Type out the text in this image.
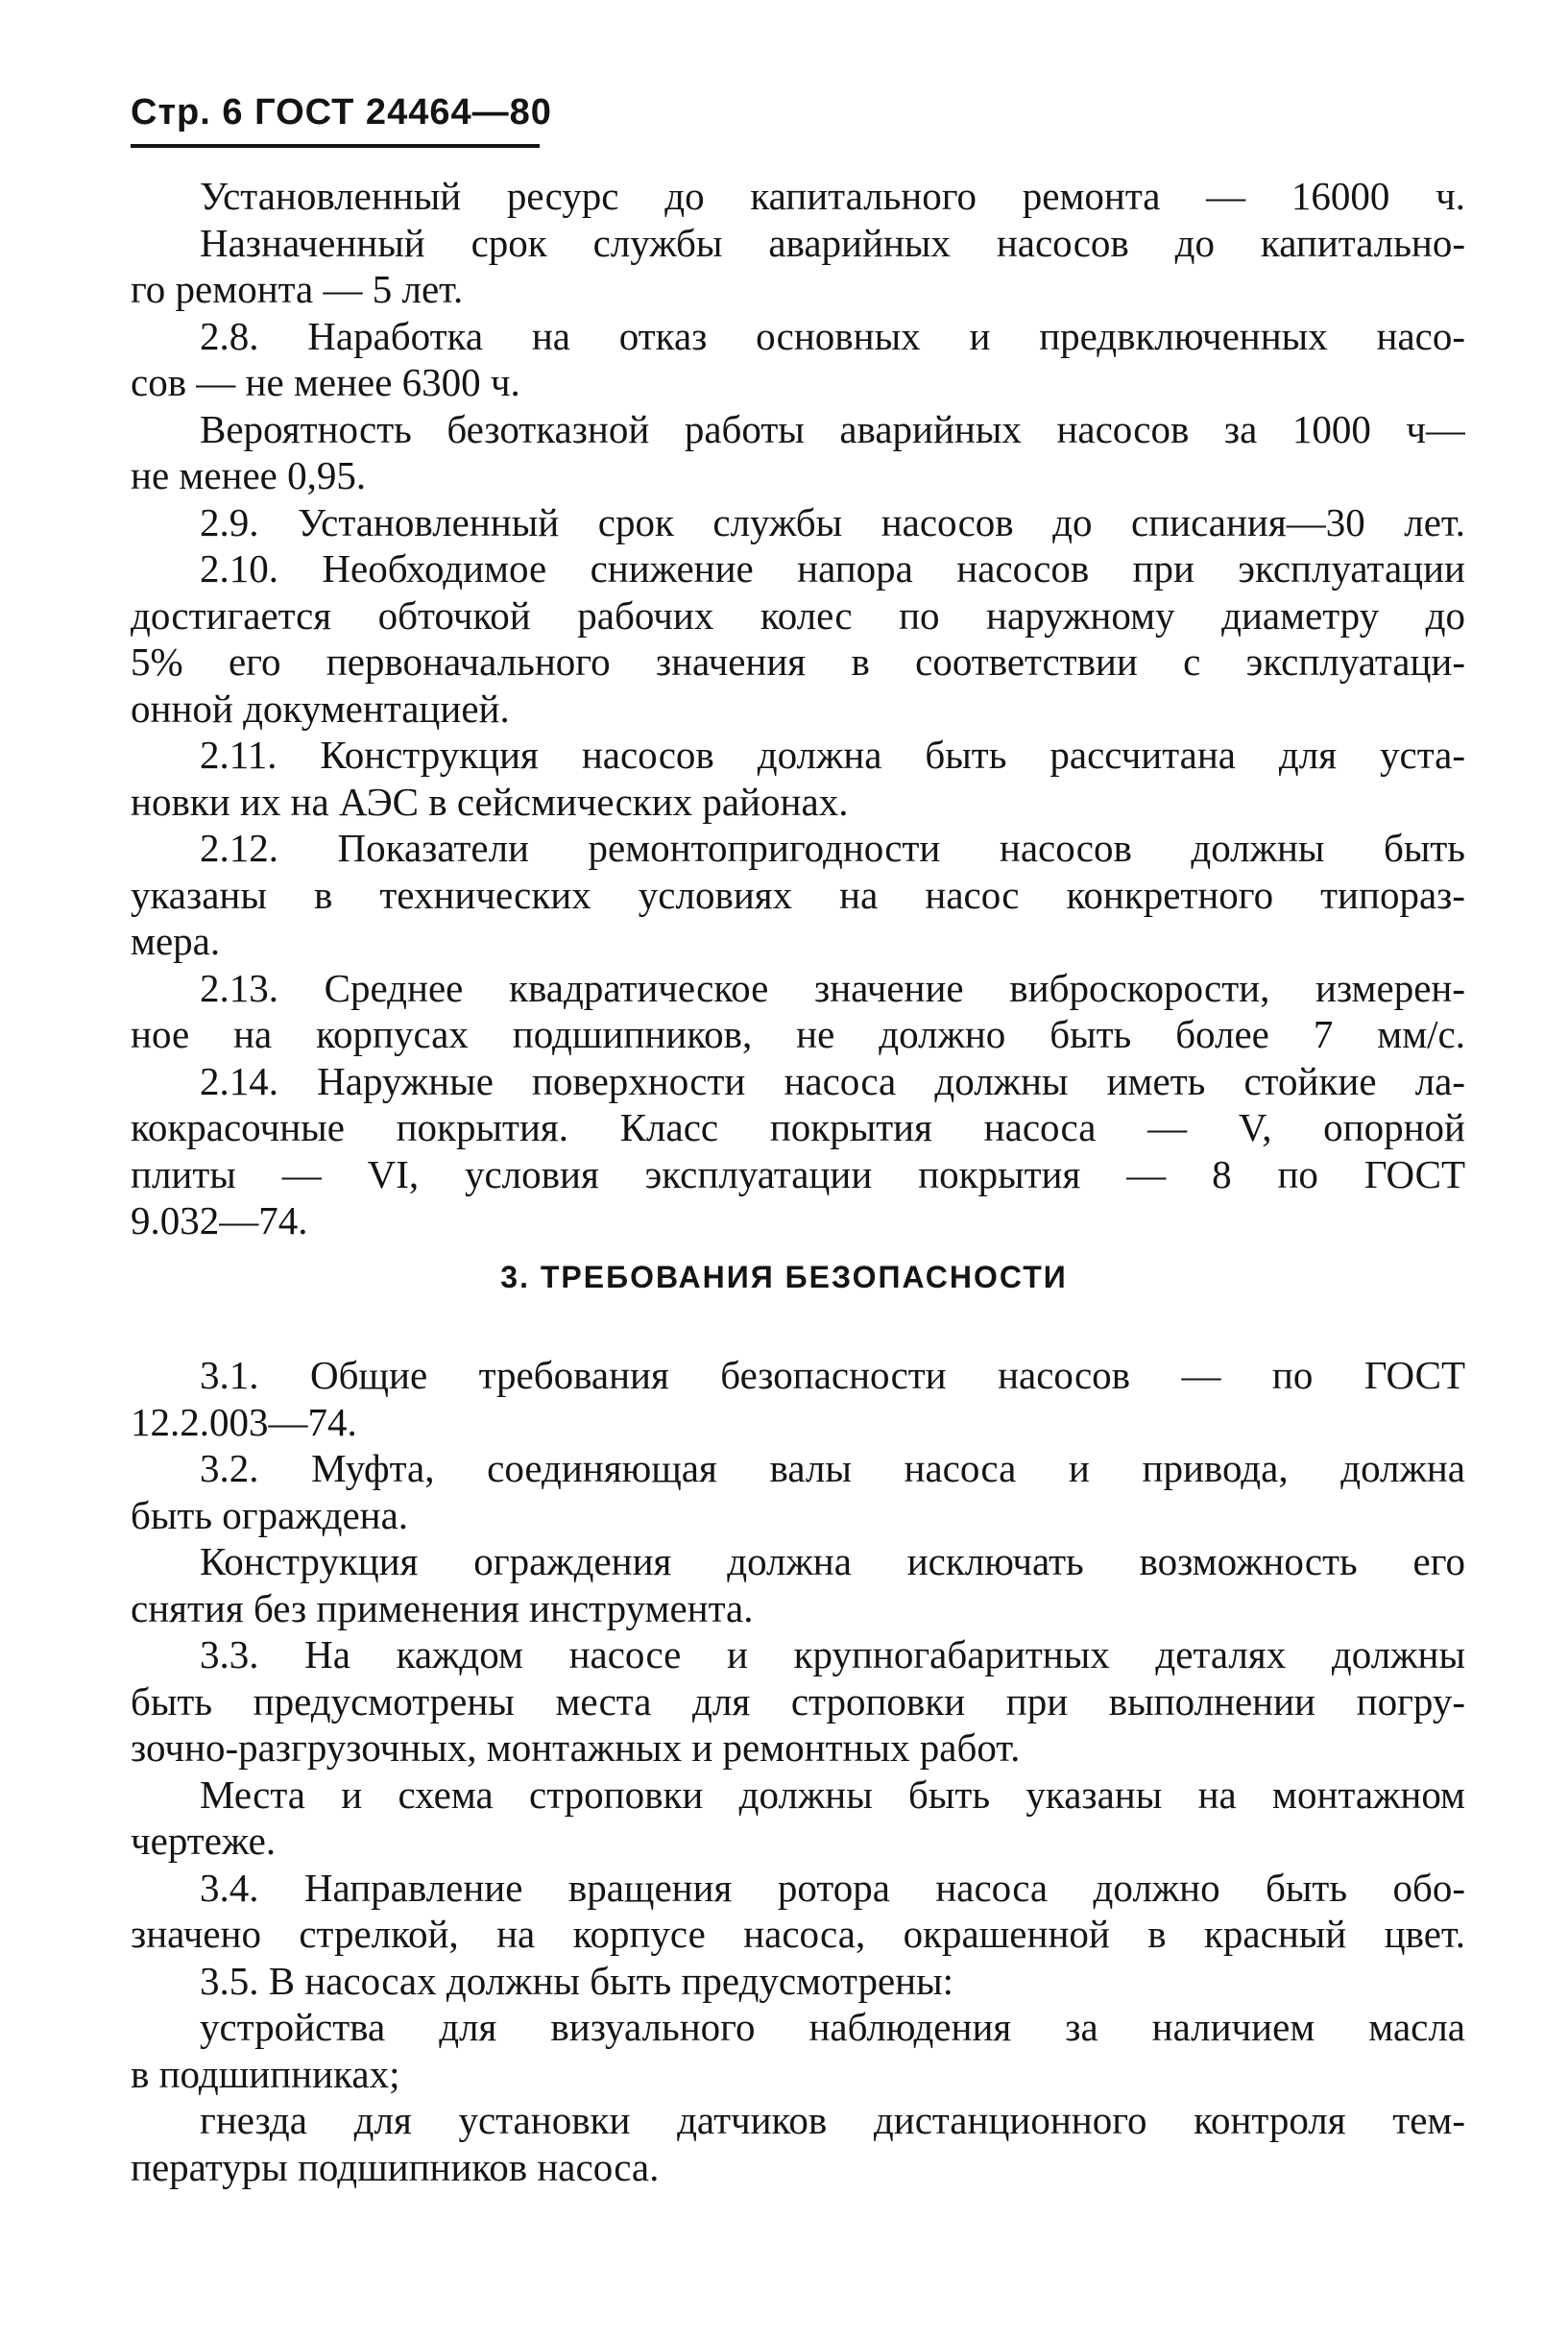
Стр. 6 ГОСТ 24464—80
Установленный ресурс до капитального ремонта — 16000 ч.
Назначенный срок службы аварийных насосов до капитально-
го ремонта — 5 лет.
2.8. Наработка на отказ основных и предвключенных насо-
сов — не менее 6300 ч.
Вероятность безотказной работы аварийных насосов за 1000 ч—
не менее 0,95.
2.9. Установленный срок службы насосов до списания—30 лет.
2.10. Необходимое снижение напора насосов при эксплуатации
достигается обточкой рабочих колес по наружному диаметру до
5% его первоначального значения в соответствии с эксплуатаци-
онной документацией.
2.11. Конструкция насосов должна быть рассчитана для уста-
новки их на АЭС в сейсмических районах.
2.12. Показатели ремонтопригодности насосов должны быть
указаны в технических условиях на насос конкретного типораз-
мера.
2.13. Среднее квадратическое значение виброскорости, измерен-
ное на корпусах подшипников, не должно быть более 7 мм/с.
2.14. Наружные поверхности насоса должны иметь стойкие ла-
кокрасочные покрытия. Класс покрытия насоса — V, опорной
плиты — VI, условия эксплуатации покрытия — 8 по ГОСТ
9.032—74.
3. ТРЕБОВАНИЯ БЕЗОПАСНОСТИ
3.1. Общие требования безопасности насосов — по ГОСТ
12.2.003—74.
3.2. Муфта, соединяющая валы насоса и привода, должна
быть ограждена.
Конструкция ограждения должна исключать возможность его
снятия без применения инструмента.
3.3. На каждом насосе и крупногабаритных деталях должны
быть предусмотрены места для строповки при выполнении погру-
зочно-разгрузочных, монтажных и ремонтных работ.
Места и схема строповки должны быть указаны на монтажном
чертеже.
3.4. Направление вращения ротора насоса должно быть обо-
значено стрелкой, на корпусе насоса, окрашенной в красный цвет.
3.5. В насосах должны быть предусмотрены:
устройства для визуального наблюдения за наличием масла
в подшипниках;
гнезда для установки датчиков дистанционного контроля тем-
пературы подшипников насоса.
